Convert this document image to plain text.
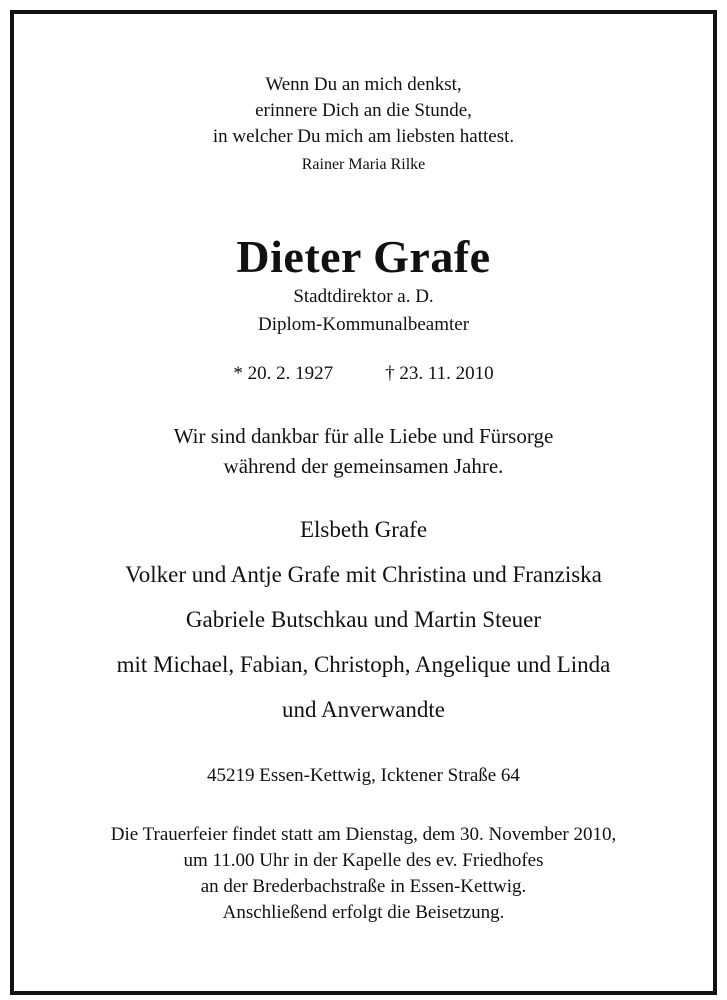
Wenn Du an mich denkst,
erinnere Dich an die Stunde,
in welcher Du mich am liebsten hattest.
Rainer Maria Rilke
Dieter Grafe
Stadtdirektor a. D.
Diplom-Kommunalbeamter
* 20. 2. 1927	† 23. 11. 2010
Wir sind dankbar für alle Liebe und Fürsorge
während der gemeinsamen Jahre.
Elsbeth Grafe
Volker und Antje Grafe mit Christina und Franziska
Gabriele Butschkau und Martin Steuer
mit Michael, Fabian, Christoph, Angelique und Linda
und Anverwandte
45219 Essen-Kettwig, Icktener Straße 64
Die Trauerfeier findet statt am Dienstag, dem 30. November 2010,
um 11.00 Uhr in der Kapelle des ev. Friedhofes
an der Brederbachstraße in Essen-Kettwig.
Anschließend erfolgt die Beisetzung.
